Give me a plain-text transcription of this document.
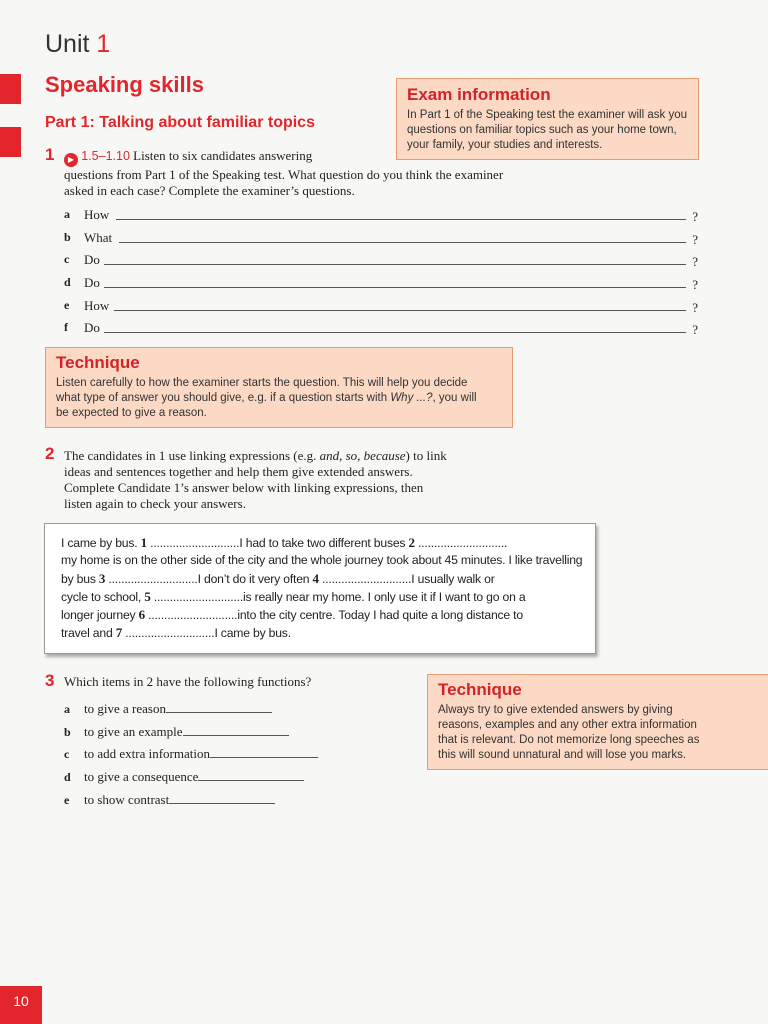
Unit 1
Speaking skills
Part 1: Talking about familiar topics
Exam information
In Part 1 of the Speaking test the examiner will ask you questions on familiar topics such as your home town, your family, your studies and interests.
1	▶ 1.5–1.10 Listen to six candidates answering
questions from Part 1 of the Speaking test. What question do you think the examiner
asked in each case? Complete the examiner’s questions.
a How	?
b What	?
c Do	?
d Do	?
e How	?
f Do	?
Technique
Listen carefully to how the examiner starts the question. This will help you decide
what type of answer you should give, e.g. if a question starts with Why ...?, you will
be expected to give a reason.
2 The candidates in 1 use linking expressions (e.g. and, so, because) to link
ideas and sentences together and help them give extended answers.
Complete Candidate 1’s answer below with linking expressions, then
listen again to check your answers.
I came by bus. 1 ............................I had to take two different buses 2 ............................
my home is on the other side of the city and the whole journey took about 45 minutes. I like travelling
by bus 3 ............................I don’t do it very often 4 ............................I usually walk or
cycle to school, 5 ............................is really near my home. I only use it if I want to go on a
longer journey 6 ............................into the city centre. Today I had quite a long distance to
travel and 7 ............................I came by bus.
3 Which items in 2 have the following functions?
a to give a reason
b to give an example
c to add extra information
d to give a consequence
e to show contrast
Technique
Always try to give extended answers by giving
reasons, examples and any other extra information
that is relevant. Do not memorize long speeches as
this will sound unnatural and will lose you marks.
10
